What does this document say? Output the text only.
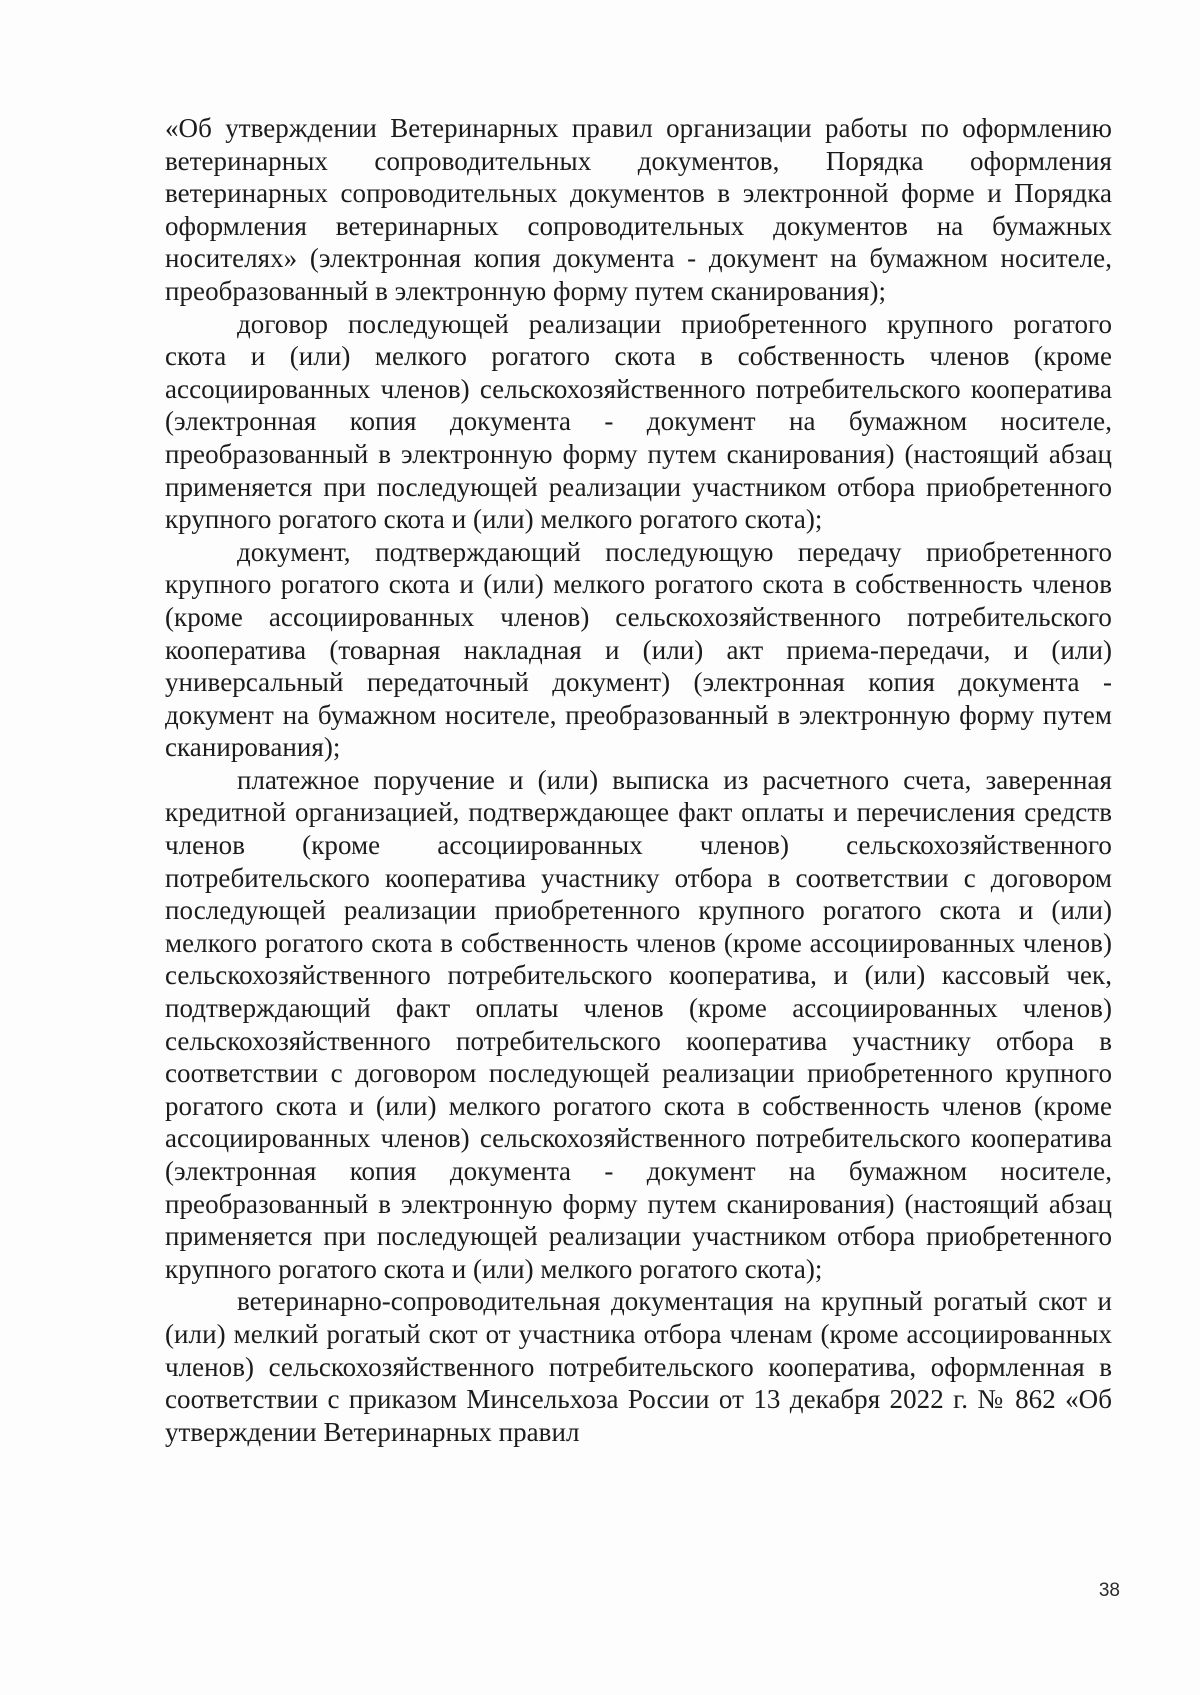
«Об утверждении Ветеринарных правил организации работы по оформлению ветеринарных сопроводительных документов, Порядка оформления ветеринарных сопроводительных документов в электронной форме и Порядка оформления ветеринарных сопроводительных документов на бумажных носителях» (электронная копия документа - документ на бумажном носителе, преобразованный в электронную форму путем сканирования);

договор последующей реализации приобретенного крупного рогатого скота и (или) мелкого рогатого скота в собственность членов (кроме ассоциированных членов) сельскохозяйственного потребительского кооператива (электронная копия документа - документ на бумажном носителе, преобразованный в электронную форму путем сканирования) (настоящий абзац применяется при последующей реализации участником отбора приобретенного крупного рогатого скота и (или) мелкого рогатого скота);

документ, подтверждающий последующую передачу приобретенного крупного рогатого скота и (или) мелкого рогатого скота в собственность членов (кроме ассоциированных членов) сельскохозяйственного потребительского кооператива (товарная накладная и (или) акт приема-передачи, и (или) универсальный передаточный документ) (электронная копия документа - документ на бумажном носителе, преобразованный в электронную форму путем сканирования);

платежное поручение и (или) выписка из расчетного счета, заверенная кредитной организацией, подтверждающее факт оплаты и перечисления средств членов (кроме ассоциированных членов) сельскохозяйственного потребительского кооператива участнику отбора в соответствии с договором последующей реализации приобретенного крупного рогатого скота и (или) мелкого рогатого скота в собственность членов (кроме ассоциированных членов) сельскохозяйственного потребительского кооператива, и (или) кассовый чек, подтверждающий факт оплаты членов (кроме ассоциированных членов) сельскохозяйственного потребительского кооператива участнику отбора в соответствии с договором последующей реализации приобретенного крупного рогатого скота и (или) мелкого рогатого скота в собственность членов (кроме ассоциированных членов) сельскохозяйственного потребительского кооператива (электронная копия документа - документ на бумажном носителе, преобразованный в электронную форму путем сканирования) (настоящий абзац применяется при последующей реализации участником отбора приобретенного крупного рогатого скота и (или) мелкого рогатого скота);

ветеринарно-сопроводительная документация на крупный рогатый скот и (или) мелкий рогатый скот от участника отбора членам (кроме ассоциированных членов) сельскохозяйственного потребительского кооператива, оформленная в соответствии с приказом Минсельхоза России от 13 декабря 2022 г. № 862 «Об утверждении Ветеринарных правил

38
